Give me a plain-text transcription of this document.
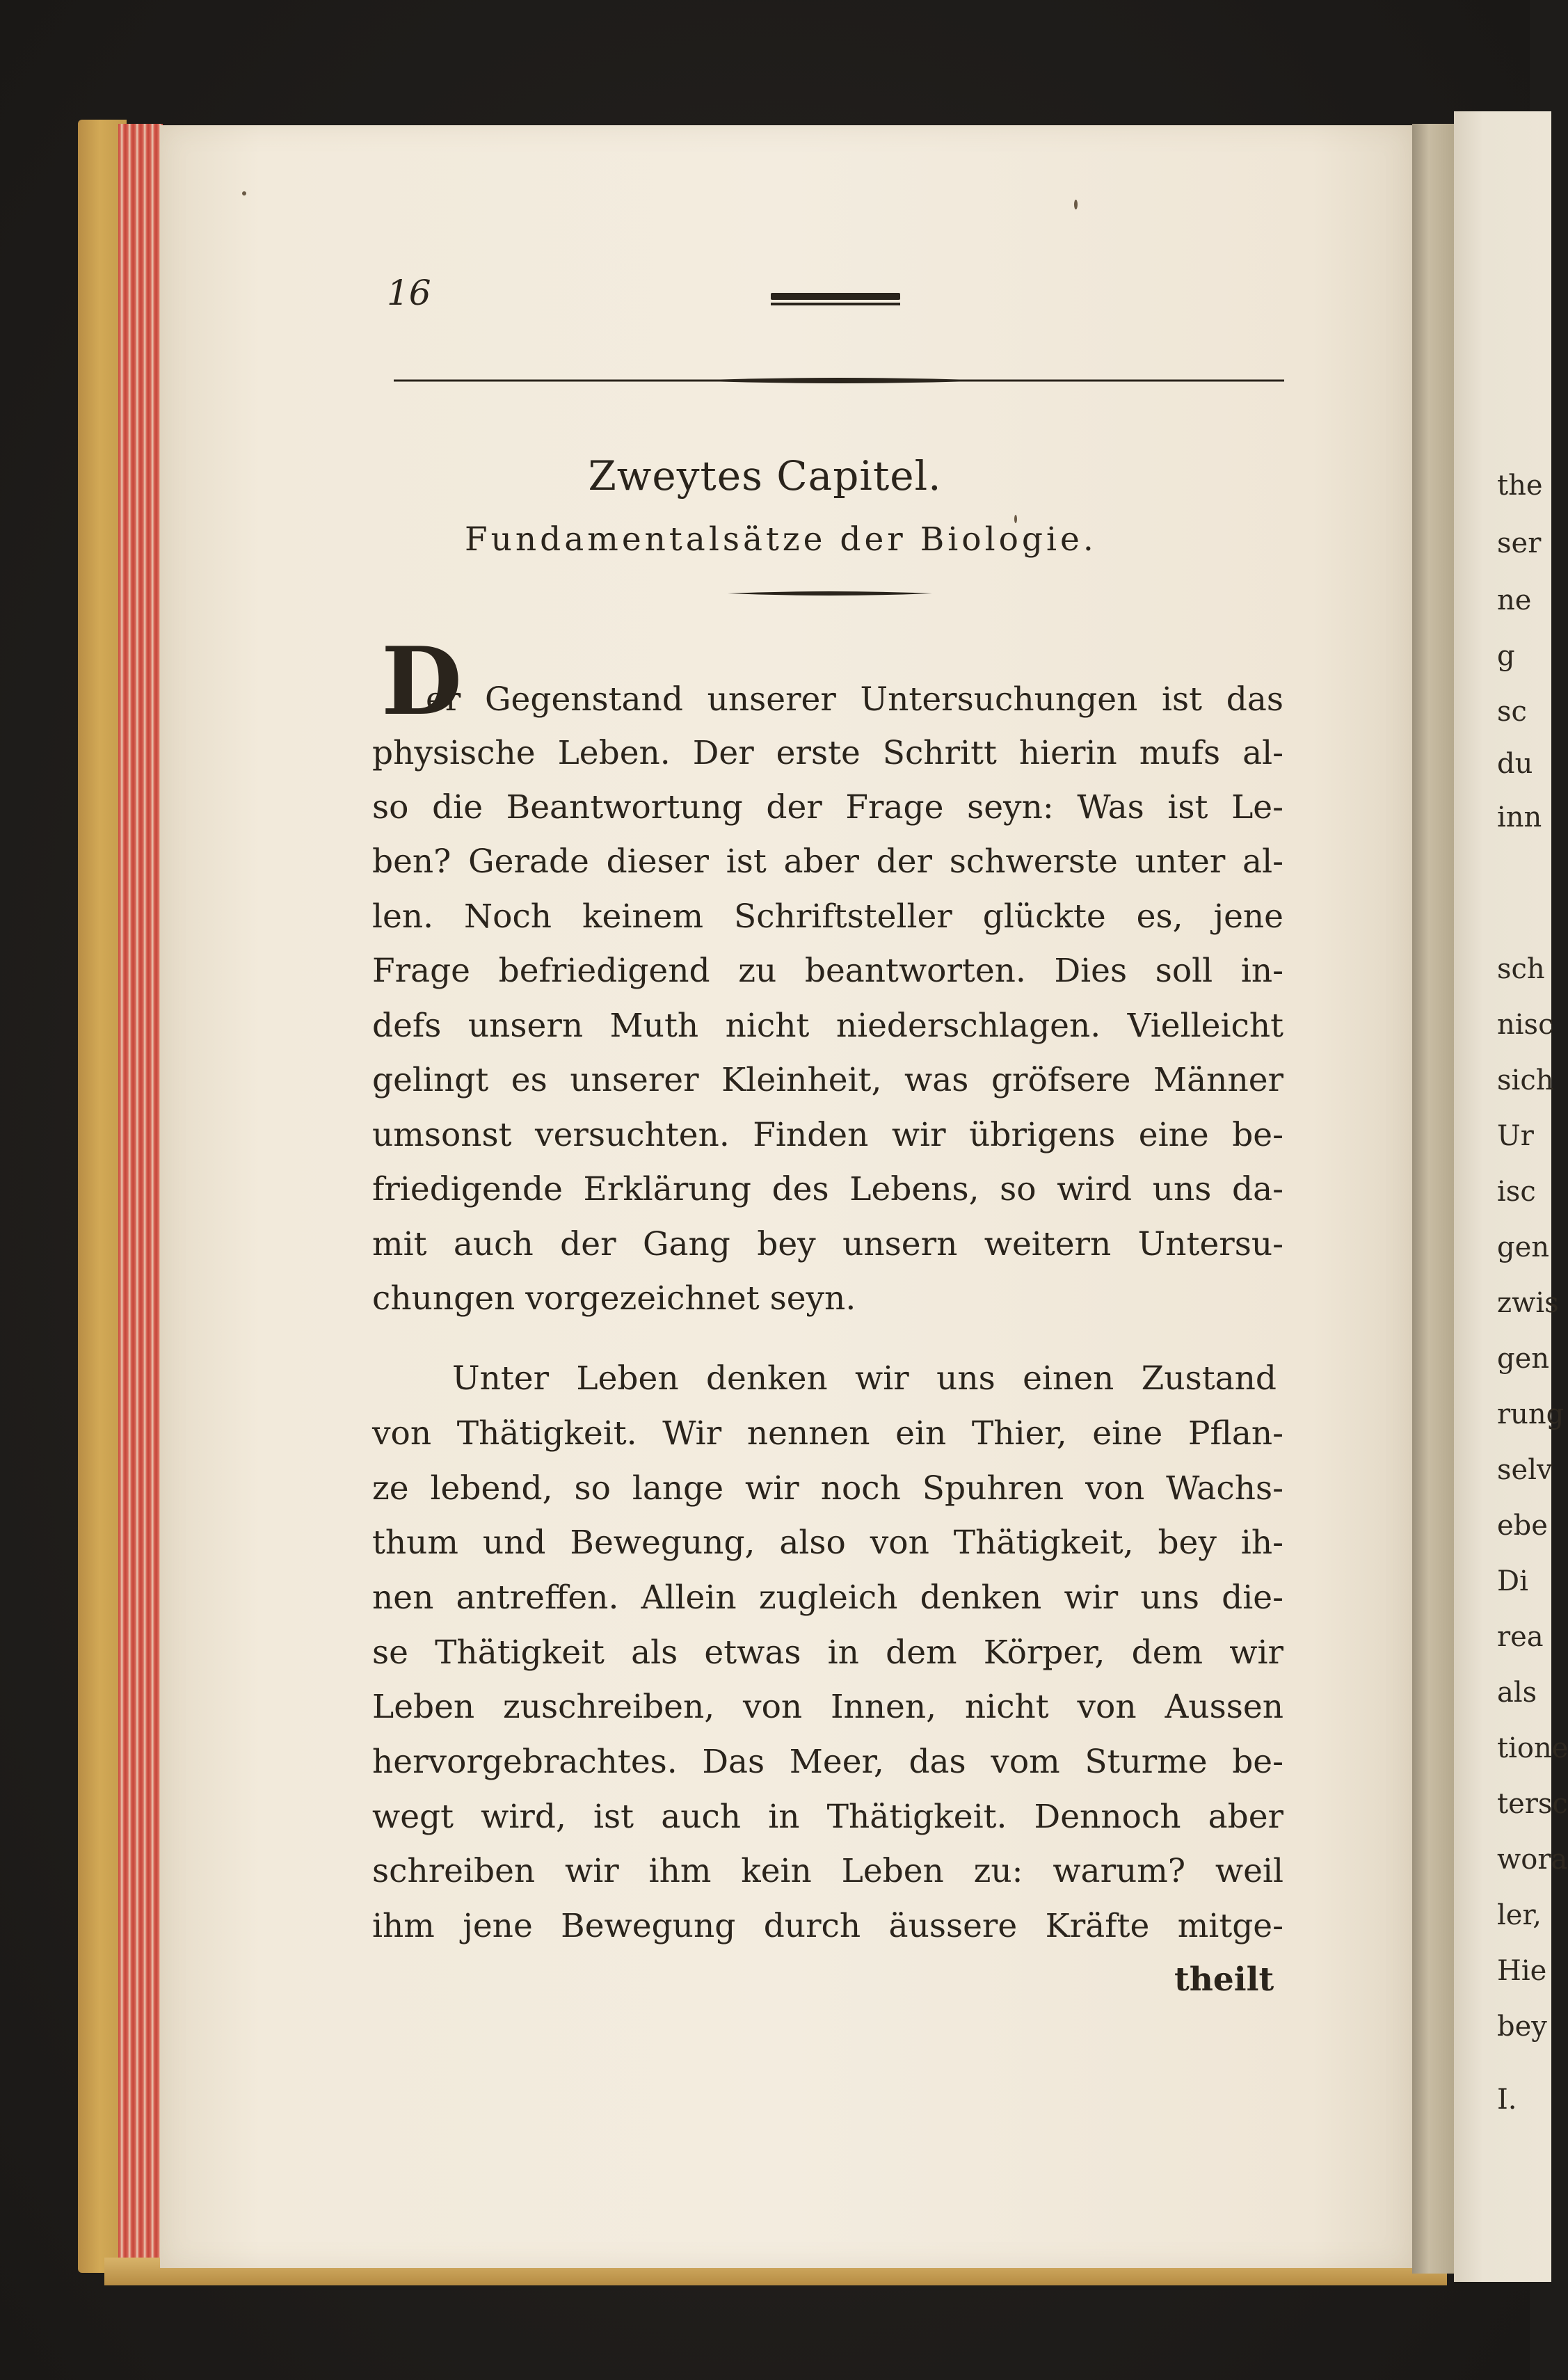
the
ser
ne
g
sc
du
inn
sch
nisc
sich
Ur
isc
gen
zwis
gen
rung
selv
ebe
Di
rea
als
tione
tersc
wora
ler,
Hie
bey
I.
16
Zweytes Capitel.
Fundamentalsätze der Biologie.
D
er Gegenstand unserer Untersuchungen ist das
physische Leben. Der erste Schritt hierin mufs al-
so die Beantwortung der Frage seyn: Was ist Le-
ben? Gerade dieser ist aber der schwerste unter al-
len. Noch keinem Schriftsteller glückte es, jene
Frage befriedigend zu beantworten. Dies soll in-
defs unsern Muth nicht niederschlagen. Vielleicht
gelingt es unserer Kleinheit, was gröfsere Männer
umsonst versuchten. Finden wir übrigens eine be-
friedigende Erklärung des Lebens, so wird uns da-
mit auch der Gang bey unsern weitern Untersu-
chungen vorgezeichnet seyn.
Unter Leben denken wir uns einen Zustand
von Thätigkeit. Wir nennen ein Thier, eine Pflan-
ze lebend, so lange wir noch Spuhren von Wachs-
thum und Bewegung, also von Thätigkeit, bey ih-
nen antreffen. Allein zugleich denken wir uns die-
se Thätigkeit als etwas in dem Körper, dem wir
Leben zuschreiben, von Innen, nicht von Aussen
hervorgebrachtes. Das Meer, das vom Sturme be-
wegt wird, ist auch in Thätigkeit. Dennoch aber
schreiben wir ihm kein Leben zu: warum? weil
ihm jene Bewegung durch äussere Kräfte mitge-
theilt
